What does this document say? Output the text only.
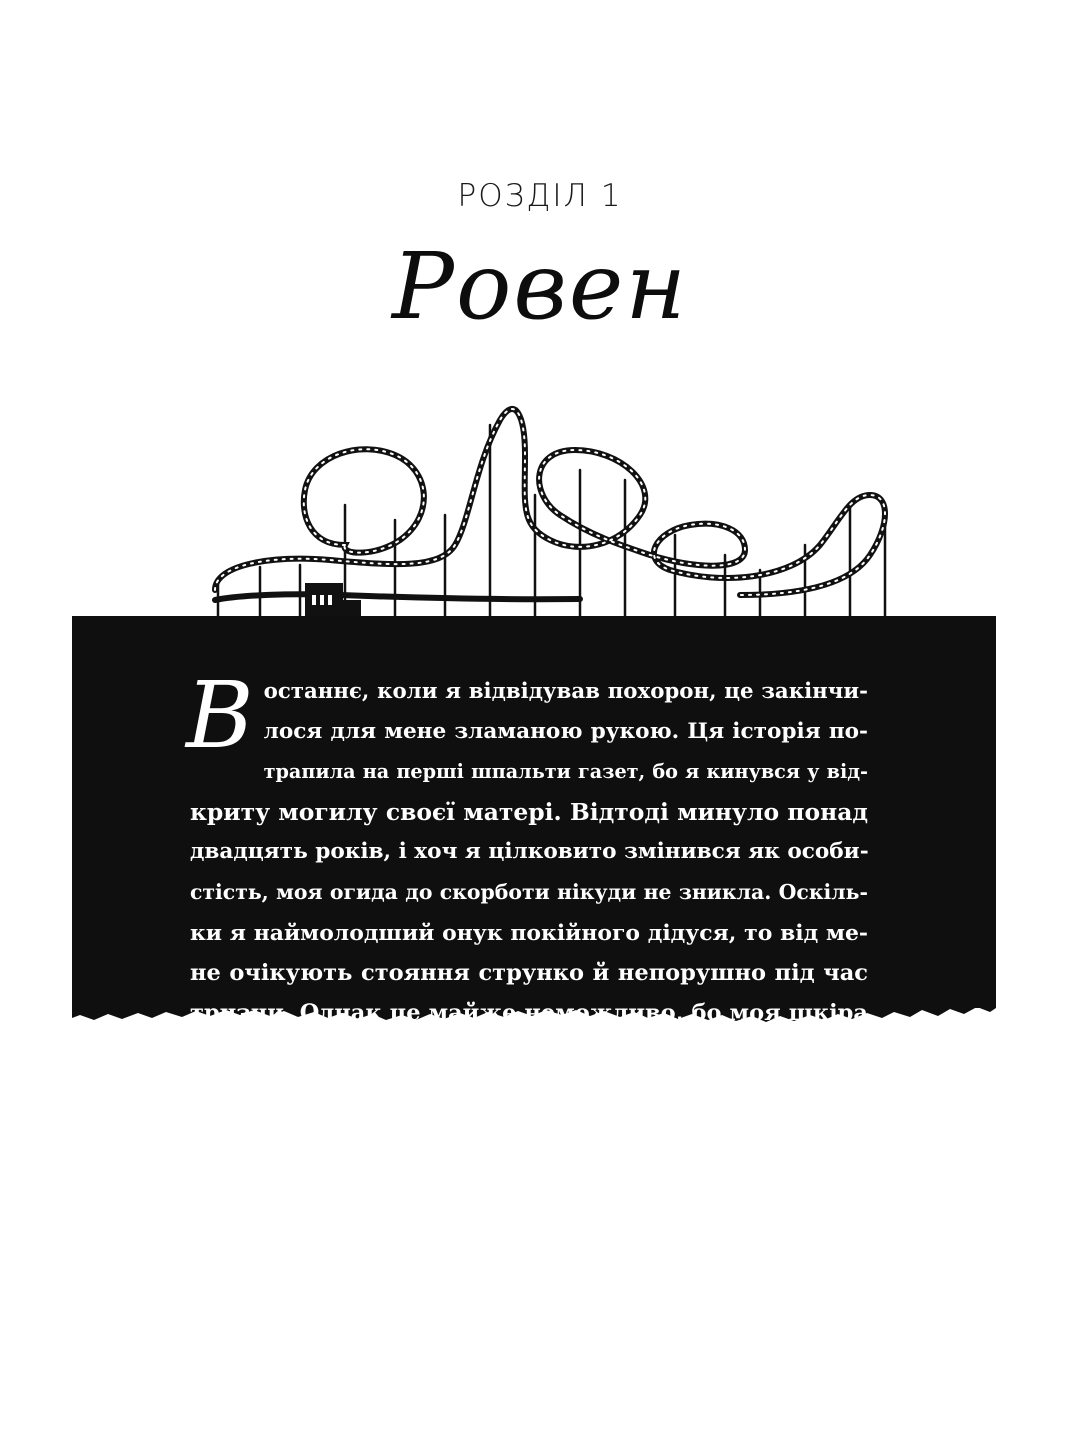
РОЗДІЛ 1
Ровен

В останнє, коли я відвідував похорон, це закінчи-
лося для мене зламаною рукою. Ця історія по-
трапила на перші шпальти газет, бо я кинувся у від-
криту могилу своєї матері. Відтоді минуло понад
двадцять років, і хоч я цілковито змінився як особи-
стість, моя огида до скорботи нікуди не зникла. Оскіль-
ки я наймолодший онук покійного дідуся, то від ме-
не очікують стояння струнко й непорушно під час
тризни. Однак це майже неможливо, бо моя шкіра
свербить так, наче мене запхнули в дешевий полі-
естеровий костюм.

Сотні співробітників і ділових партнерів Кейна
висловлюють своє співчуття, і моє терпіння маліє
з кожною годиною. Я терпіти не можу похорони, але
більше за них ненавиджу розмови з людьми. Є лише
кілька людей, яких я здатен виносити, і мій дідусь
був одним із них.
